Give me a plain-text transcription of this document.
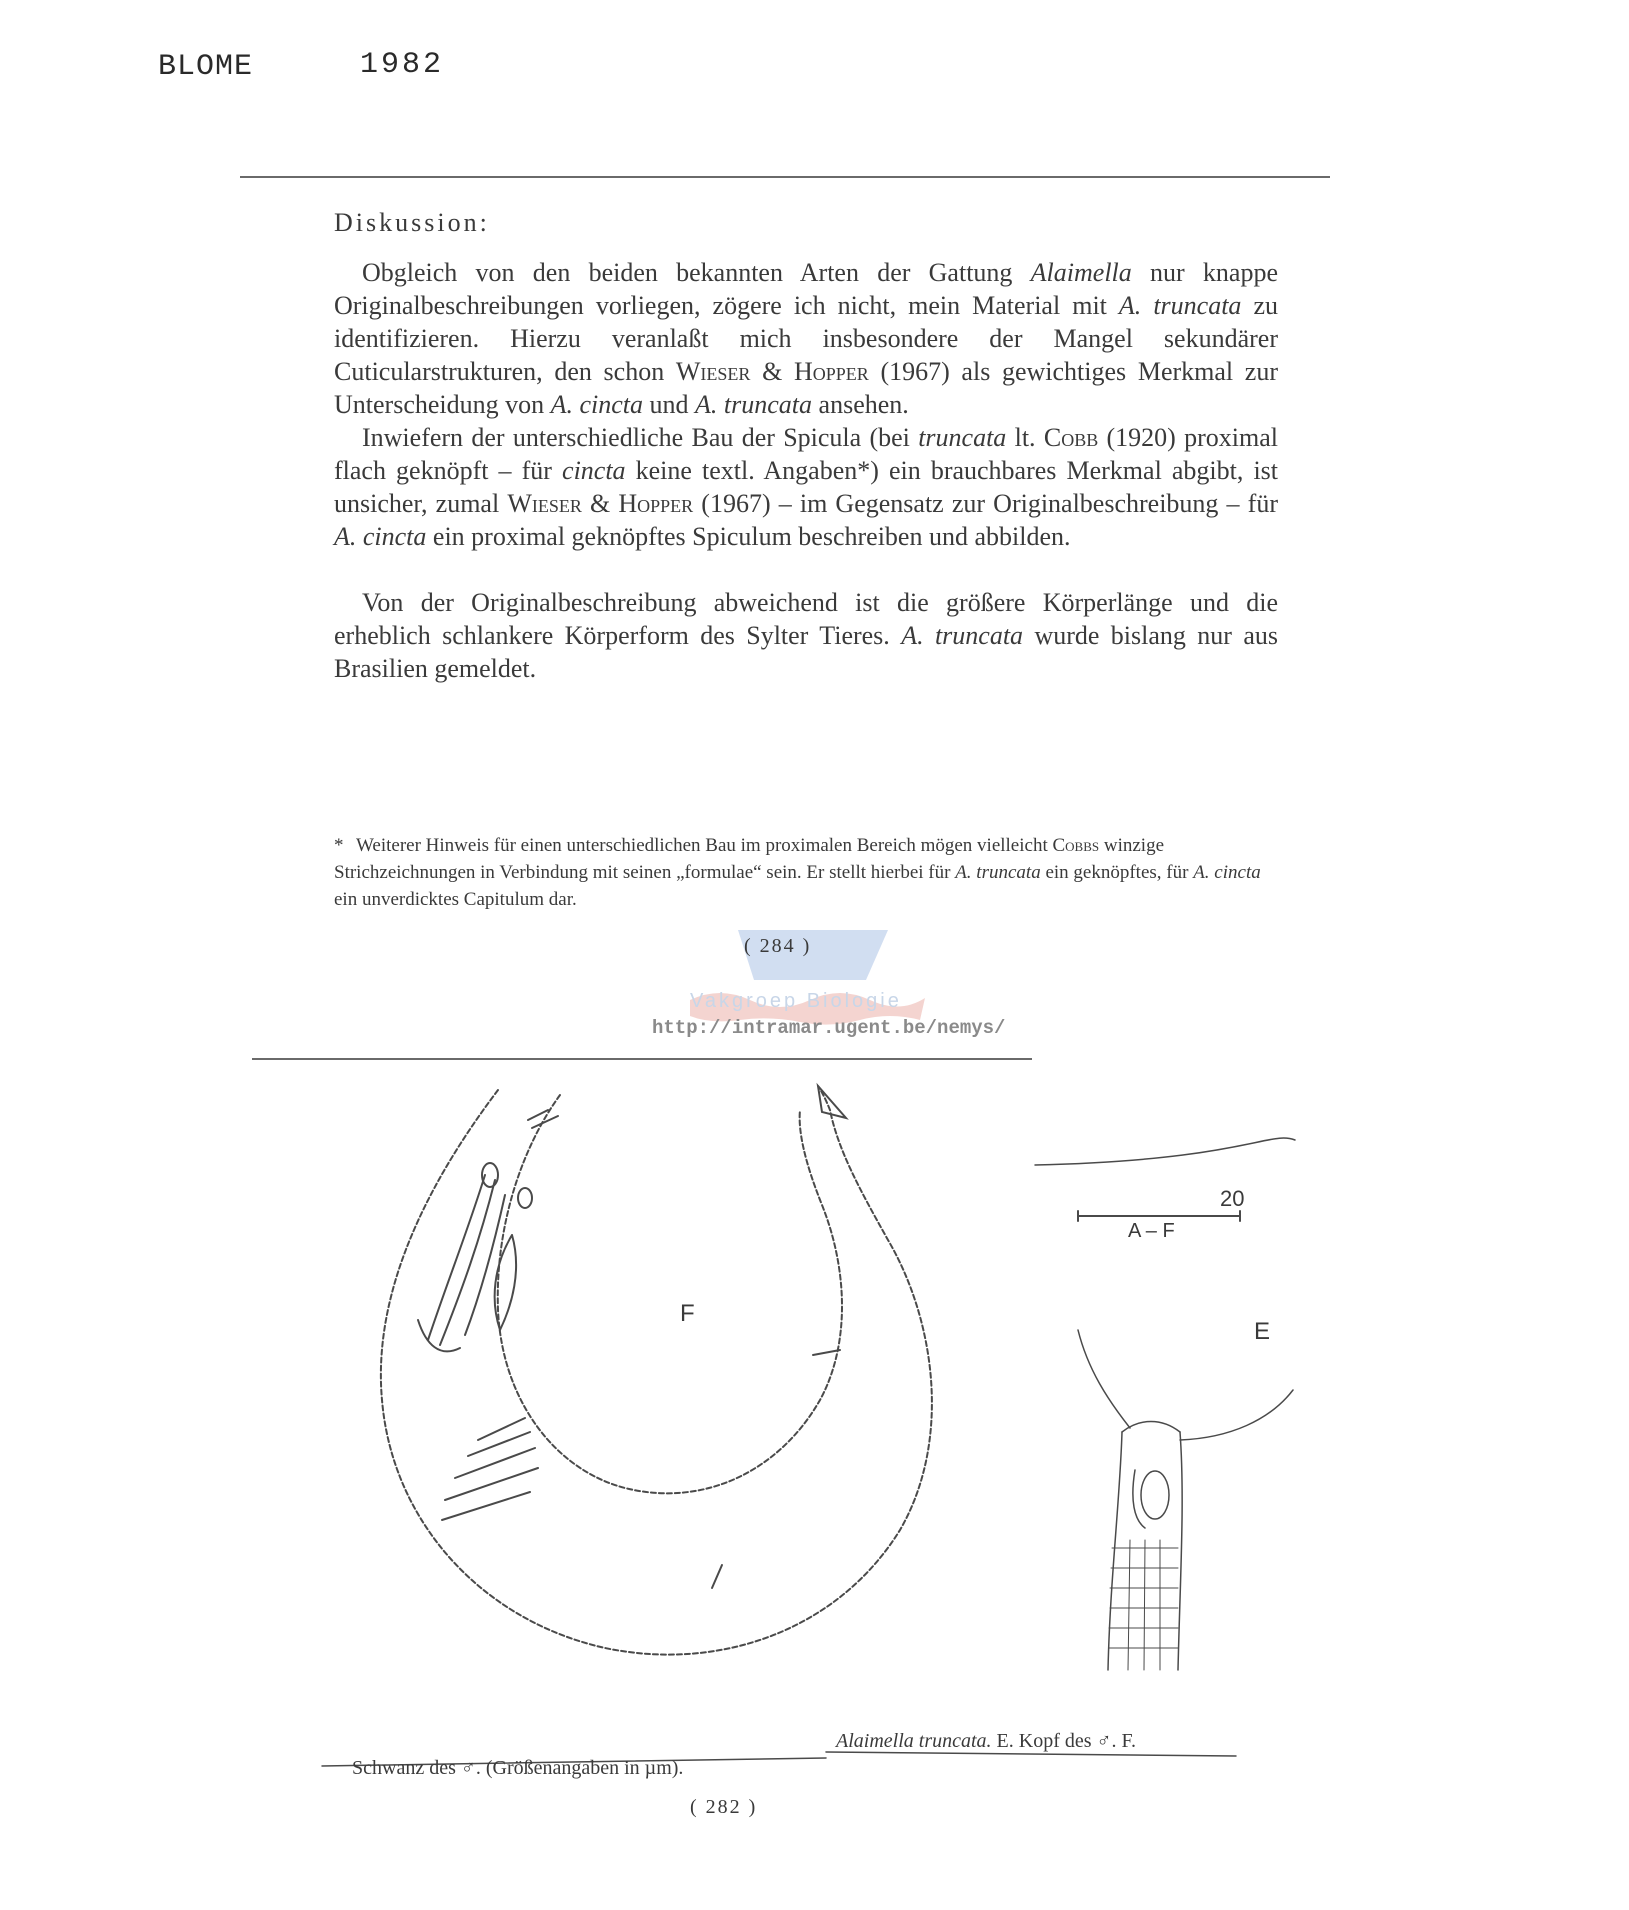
BLOME	1982
Diskussion:

Obgleich von den beiden bekannten Arten der Gattung Alaimella nur knappe Originalbeschreibungen vorliegen, zögere ich nicht, mein Material mit A. truncata zu identifizieren. Hierzu veranlaßt mich insbesondere der Mangel sekundärer Cuticularstrukturen, den schon Wieser & Hopper (1967) als gewichtiges Merkmal zur Unterscheidung von A. cincta und A. truncata ansehen.

Inwiefern der unterschiedliche Bau der Spicula (bei truncata lt. Cobb (1920) proximal flach geknöpft – für cincta keine textl. Angaben*) ein brauchbares Merkmal abgibt, ist unsicher, zumal Wieser & Hopper (1967) – im Gegensatz zur Originalbeschreibung – für A. cincta ein proximal geknöpftes Spiculum beschreiben und abbilden.

Von der Originalbeschreibung abweichend ist die größere Körperlänge und die erheblich schlankere Körperform des Sylter Tieres. A. truncata wurde bislang nur aus Brasilien gemeldet.

* Weiterer Hinweis für einen unterschiedlichen Bau im proximalen Bereich mögen vielleicht Cobbs winzige Strichzeichnungen in Verbindung mit seinen „formulae“ sein. Er stellt hierbei für A. truncata ein geknöpftes, für A. cincta ein unverdicktes Capitulum dar.

( 284 )
Vakgroep Biologie
http://intramar.ugent.be/nemys/
F
E
20
A – F
Alaimella truncata. E. Kopf des ♂. F.
Schwanz des ♂. (Größenangaben in µm).
( 282 )
